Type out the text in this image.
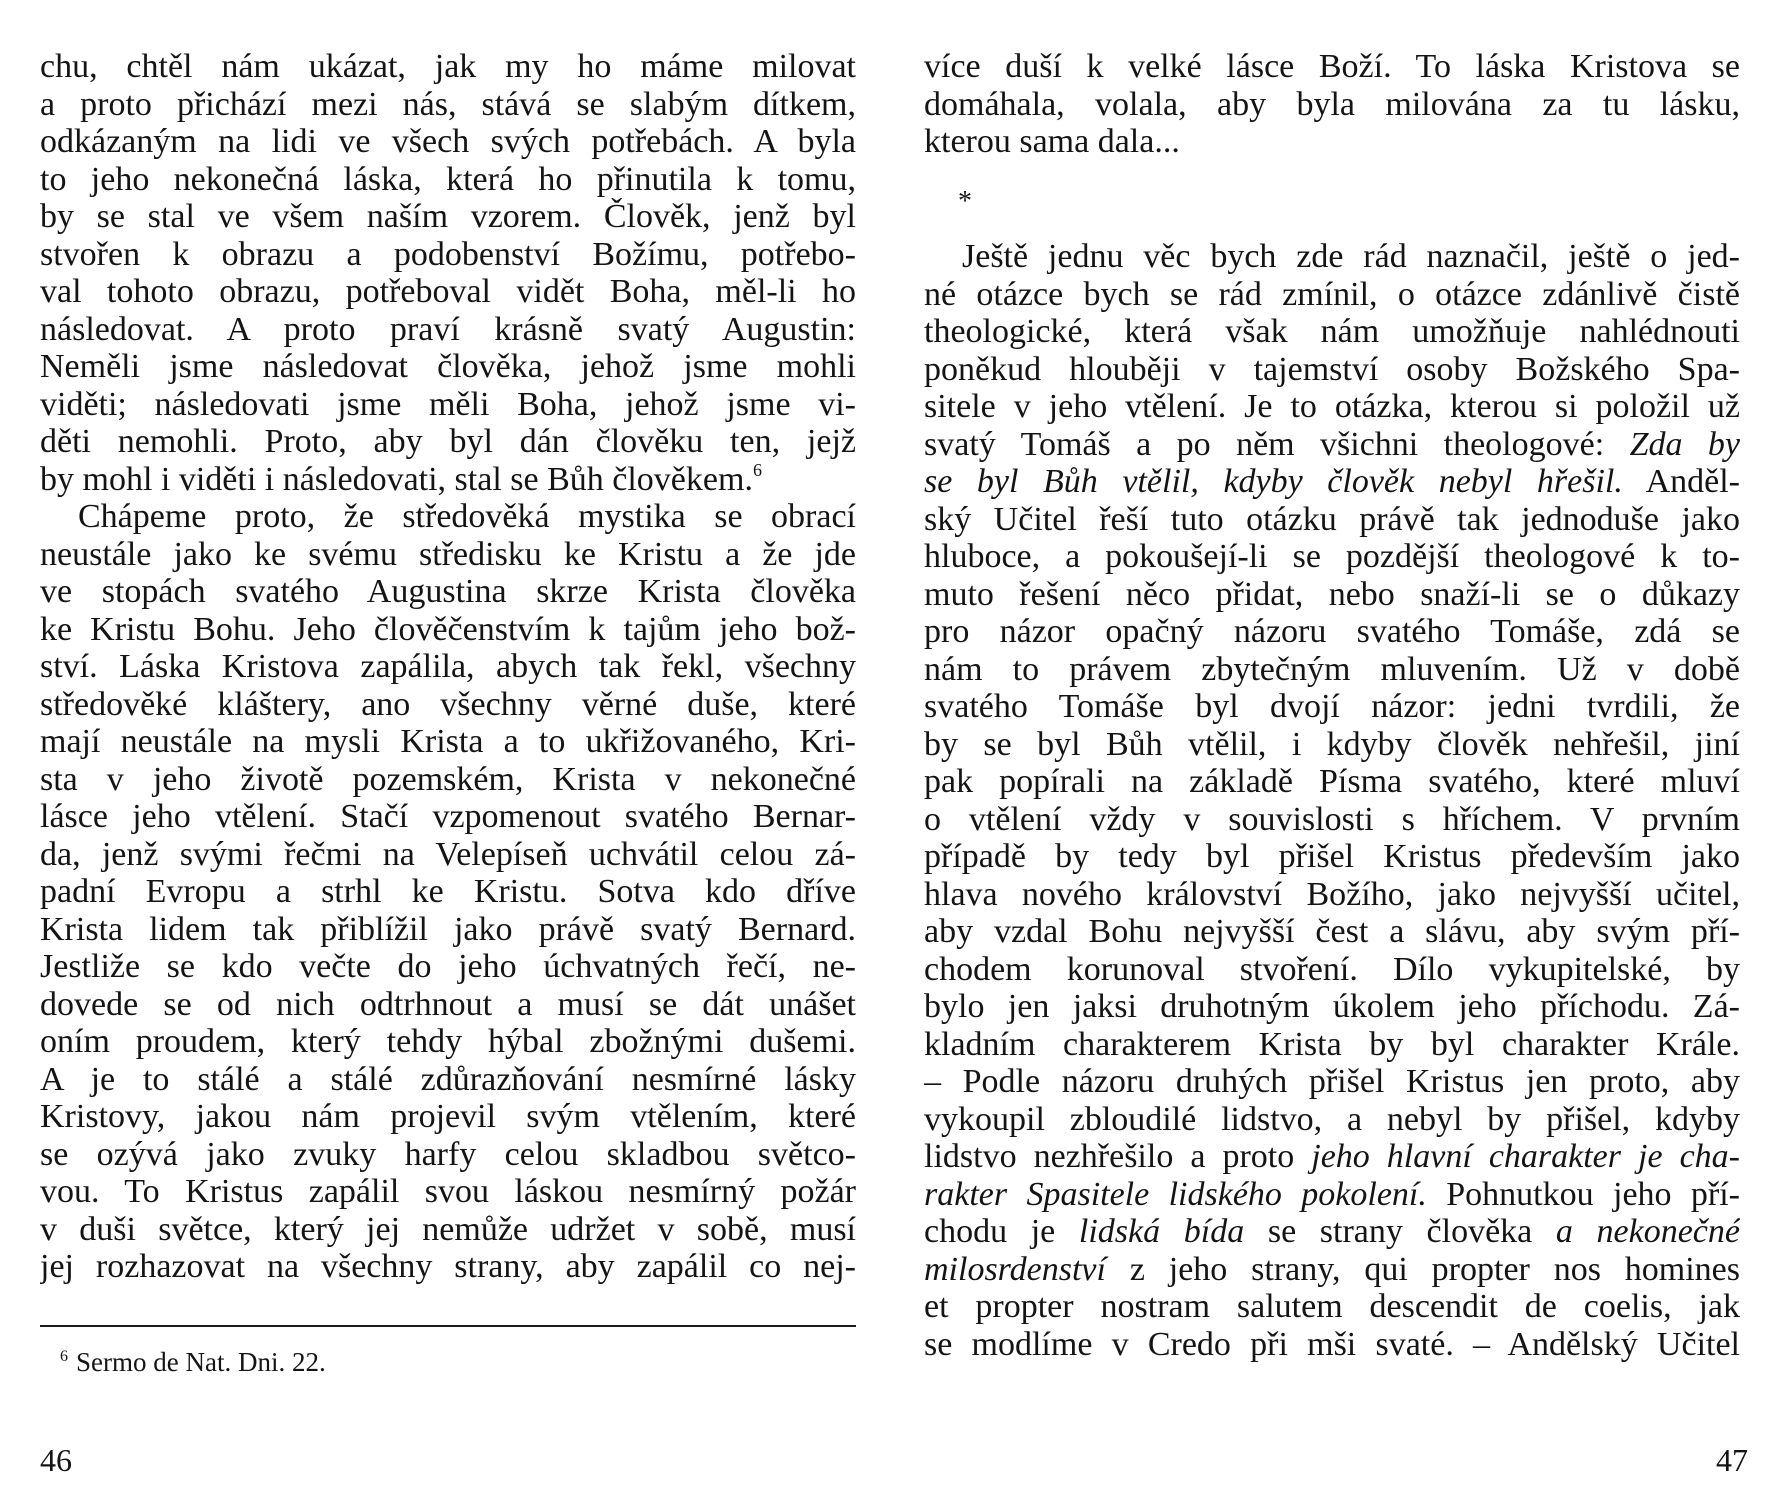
chu, chtěl nám ukázat, jak my ho máme milovat
a proto přichází mezi nás, stává se slabým dítkem,
odkázaným na lidi ve všech svých potřebách. A byla
to jeho nekonečná láska, která ho přinutila k tomu,
by se stal ve všem naším vzorem. Člověk, jenž byl
stvořen k obrazu a podobenství Božímu, potřebo-
val tohoto obrazu, potřeboval vidět Boha, měl-li ho
následovat. A proto praví krásně svatý Augustin:
Neměli jsme následovat člověka, jehož jsme mohli
viděti; následovati jsme měli Boha, jehož jsme vi-
děti nemohli. Proto, aby byl dán člověku ten, jejž
by mohl i viděti i následovati, stal se Bůh člověkem.$^6$
Chápeme proto, že středověká mystika se obrací
neustále jako ke svému středisku ke Kristu a že jde
ve stopách svatého Augustina skrze Krista člověka
ke Kristu Bohu. Jeho člověčenstvím k tajům jeho bož-
ství. Láska Kristova zapálila, abych tak řekl, všechny
středověké kláštery, ano všechny věrné duše, které
mají neustále na mysli Krista a to ukřižovaného, Kri-
sta v jeho životě pozemském, Krista v nekonečné
lásce jeho vtělení. Stačí vzpomenout svatého Bernar-
da, jenž svými řečmi na Velepíseň uchvátil celou zá-
padní Evropu a strhl ke Kristu. Sotva kdo dříve
Krista lidem tak přiblížil jako právě svatý Bernard.
Jestliže se kdo večte do jeho úchvatných řečí, ne-
dovede se od nich odtrhnout a musí se dát unášet
oním proudem, který tehdy hýbal zbožnými dušemi.
A je to stálé a stálé zdůrazňování nesmírné lásky
Kristovy, jakou nám projevil svým vtělením, které
se ozývá jako zvuky harfy celou skladbou světco-
vou. To Kristus zapálil svou láskou nesmírný požár
v duši světce, který jej nemůže udržet v sobě, musí
jej rozhazovat na všechny strany, aby zapálil co nej-
$^6$ Sermo de Nat. Dni. 22.
46
více duší k velké lásce Boží. To láska Kristova se
domáhala, volala, aby byla milována za tu lásku,
kterou sama dala...
*
Ještě jednu věc bych zde rád naznačil, ještě o jed-
né otázce bych se rád zmínil, o otázce zdánlivě čistě
theologické, která však nám umožňuje nahlédnouti
poněkud hlouběji v tajemství osoby Božského Spa-
sitele v jeho vtělení. Je to otázka, kterou si položil už
svatý Tomáš a po něm všichni theologové: Zda by
se byl Bůh vtělil, kdyby člověk nebyl hřešil. Anděl-
ský Učitel řeší tuto otázku právě tak jednoduše jako
hluboce, a pokoušejí-li se pozdější theologové k to-
muto řešení něco přidat, nebo snaží-li se o důkazy
pro názor opačný názoru svatého Tomáše, zdá se
nám to právem zbytečným mluvením. Už v době
svatého Tomáše byl dvojí názor: jedni tvrdili, že
by se byl Bůh vtělil, i kdyby člověk nehřešil, jiní
pak popírali na základě Písma svatého, které mluví
o vtělení vždy v souvislosti s hříchem. V prvním
případě by tedy byl přišel Kristus především jako
hlava nového království Božího, jako nejvyšší učitel,
aby vzdal Bohu nejvyšší čest a slávu, aby svým pří-
chodem korunoval stvoření. Dílo vykupitelské, by
bylo jen jaksi druhotným úkolem jeho příchodu. Zá-
kladním charakterem Krista by byl charakter Krále.
– Podle názoru druhých přišel Kristus jen proto, aby
vykoupil zbloudilé lidstvo, a nebyl by přišel, kdyby
lidstvo nezhřešilo a proto jeho hlavní charakter je cha-
rakter Spasitele lidského pokolení. Pohnutkou jeho pří-
chodu je lidská bída se strany člověka a nekonečné
milosrdenství z jeho strany, qui propter nos homines
et propter nostram salutem descendit de coelis, jak
se modlíme v Credo při mši svaté. – Andělský Učitel
47
